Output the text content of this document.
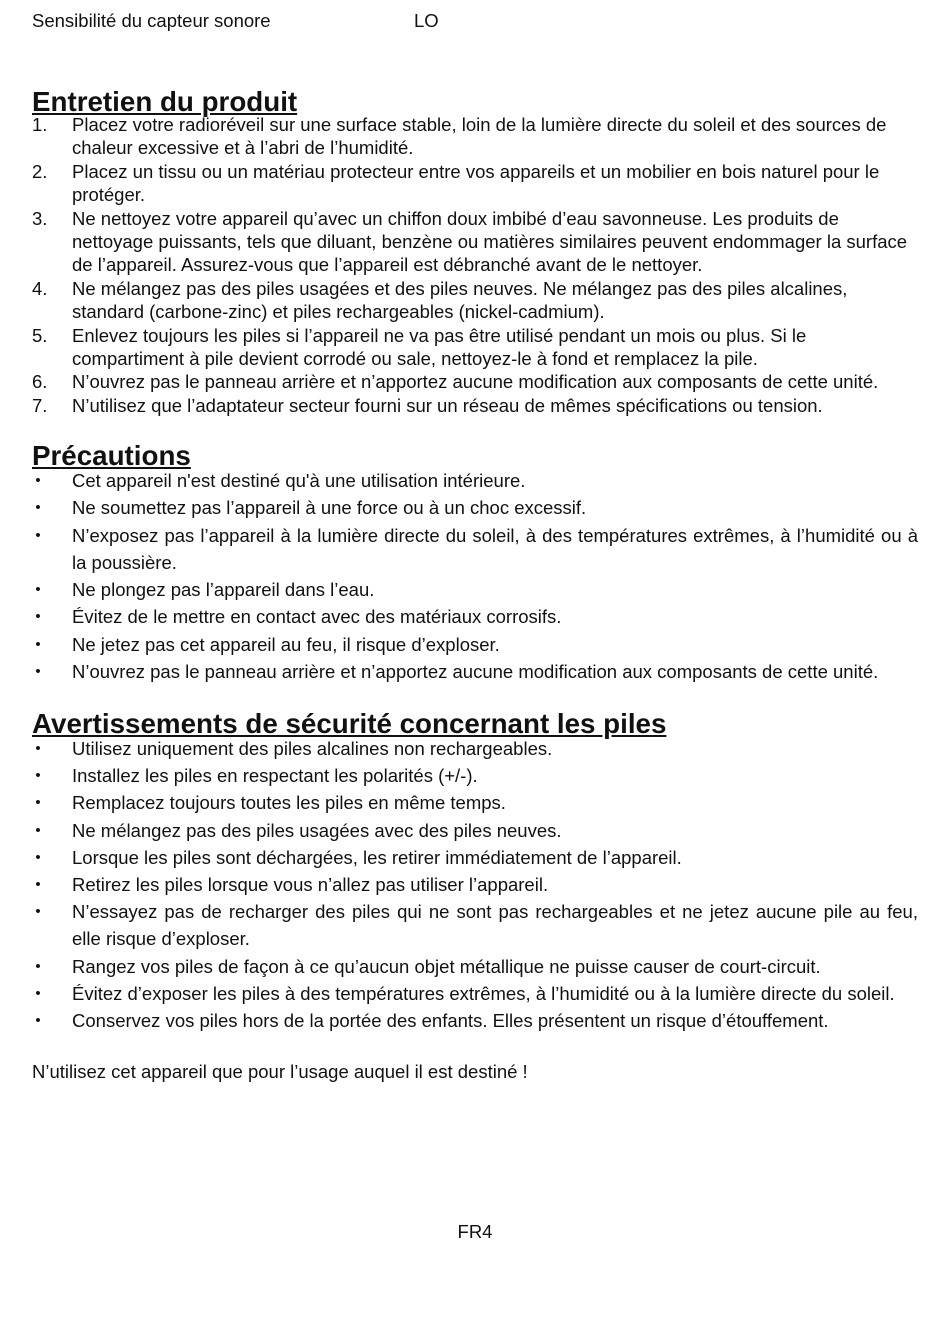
Sensibilité du capteur sonore	LO
Entretien du produit
1. Placez votre radioréveil sur une surface stable, loin de la lumière directe du soleil et des sources de chaleur excessive et à l’abri de l’humidité.
2. Placez un tissu ou un matériau protecteur entre vos appareils et un mobilier en bois naturel pour le protéger.
3. Ne nettoyez votre appareil qu’avec un chiffon doux imbibé d’eau savonneuse. Les produits de nettoyage puissants, tels que diluant, benzène ou matières similaires peuvent endommager la surface de l’appareil. Assurez-vous que l’appareil est débranché avant de le nettoyer.
4. Ne mélangez pas des piles usagées et des piles neuves. Ne mélangez pas des piles alcalines, standard (carbone-zinc) et piles rechargeables (nickel-cadmium).
5. Enlevez toujours les piles si l’appareil ne va pas être utilisé pendant un mois ou plus. Si le compartiment à pile devient corrodé ou sale, nettoyez-le à fond et remplacez la pile.
6. N’ouvrez pas le panneau arrière et n’apportez aucune modification aux composants de cette unité.
7. N’utilisez que l’adaptateur secteur fourni sur un réseau de mêmes spécifications ou tension.
Précautions
• Cet appareil n'est destiné qu'à une utilisation intérieure.
• Ne soumettez pas l’appareil à une force ou à un choc excessif.
• N’exposez pas l’appareil à la lumière directe du soleil, à des températures extrêmes, à l’humidité ou à la poussière.
• Ne plongez pas l’appareil dans l’eau.
• Évitez de le mettre en contact avec des matériaux corrosifs.
• Ne jetez pas cet appareil au feu, il risque d’exploser.
• N’ouvrez pas le panneau arrière et n’apportez aucune modification aux composants de cette unité.
Avertissements de sécurité concernant les piles
• Utilisez uniquement des piles alcalines non rechargeables.
• Installez les piles en respectant les polarités (+/-).
• Remplacez toujours toutes les piles en même temps.
• Ne mélangez pas des piles usagées avec des piles neuves.
• Lorsque les piles sont déchargées, les retirer immédiatement de l’appareil.
• Retirez les piles lorsque vous n’allez pas utiliser l’appareil.
• N’essayez pas de recharger des piles qui ne sont pas rechargeables et ne jetez aucune pile au feu, elle risque d’exploser.
• Rangez vos piles de façon à ce qu’aucun objet métallique ne puisse causer de court-circuit.
• Évitez d’exposer les piles à des températures extrêmes, à l’humidité ou à la lumière directe du soleil.
• Conservez vos piles hors de la portée des enfants. Elles présentent un risque d’étouffement.

N’utilisez cet appareil que pour l’usage auquel il est destiné !

FR4
